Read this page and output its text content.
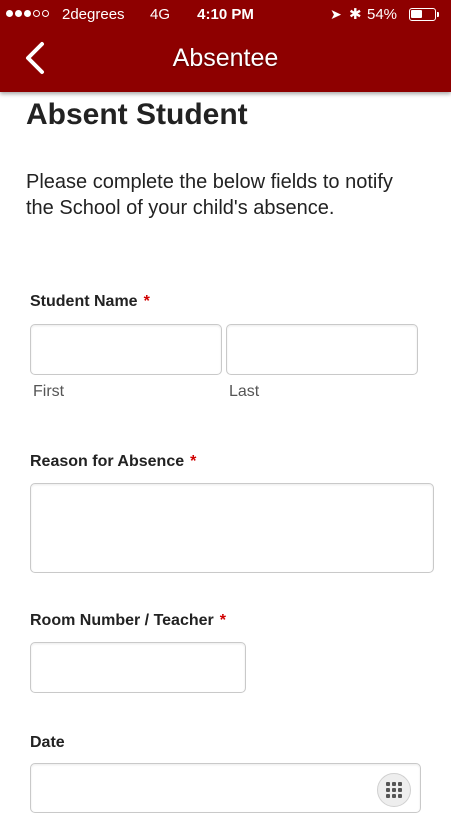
2degrees 4G	4:10 PM	➤ ✱ 54%
Absentee
Absent Student

Please complete the below fields to notify the School of your child's absence.

Student Name *
First	Last
Reason for Absence *
Room Number / Teacher *
Date
